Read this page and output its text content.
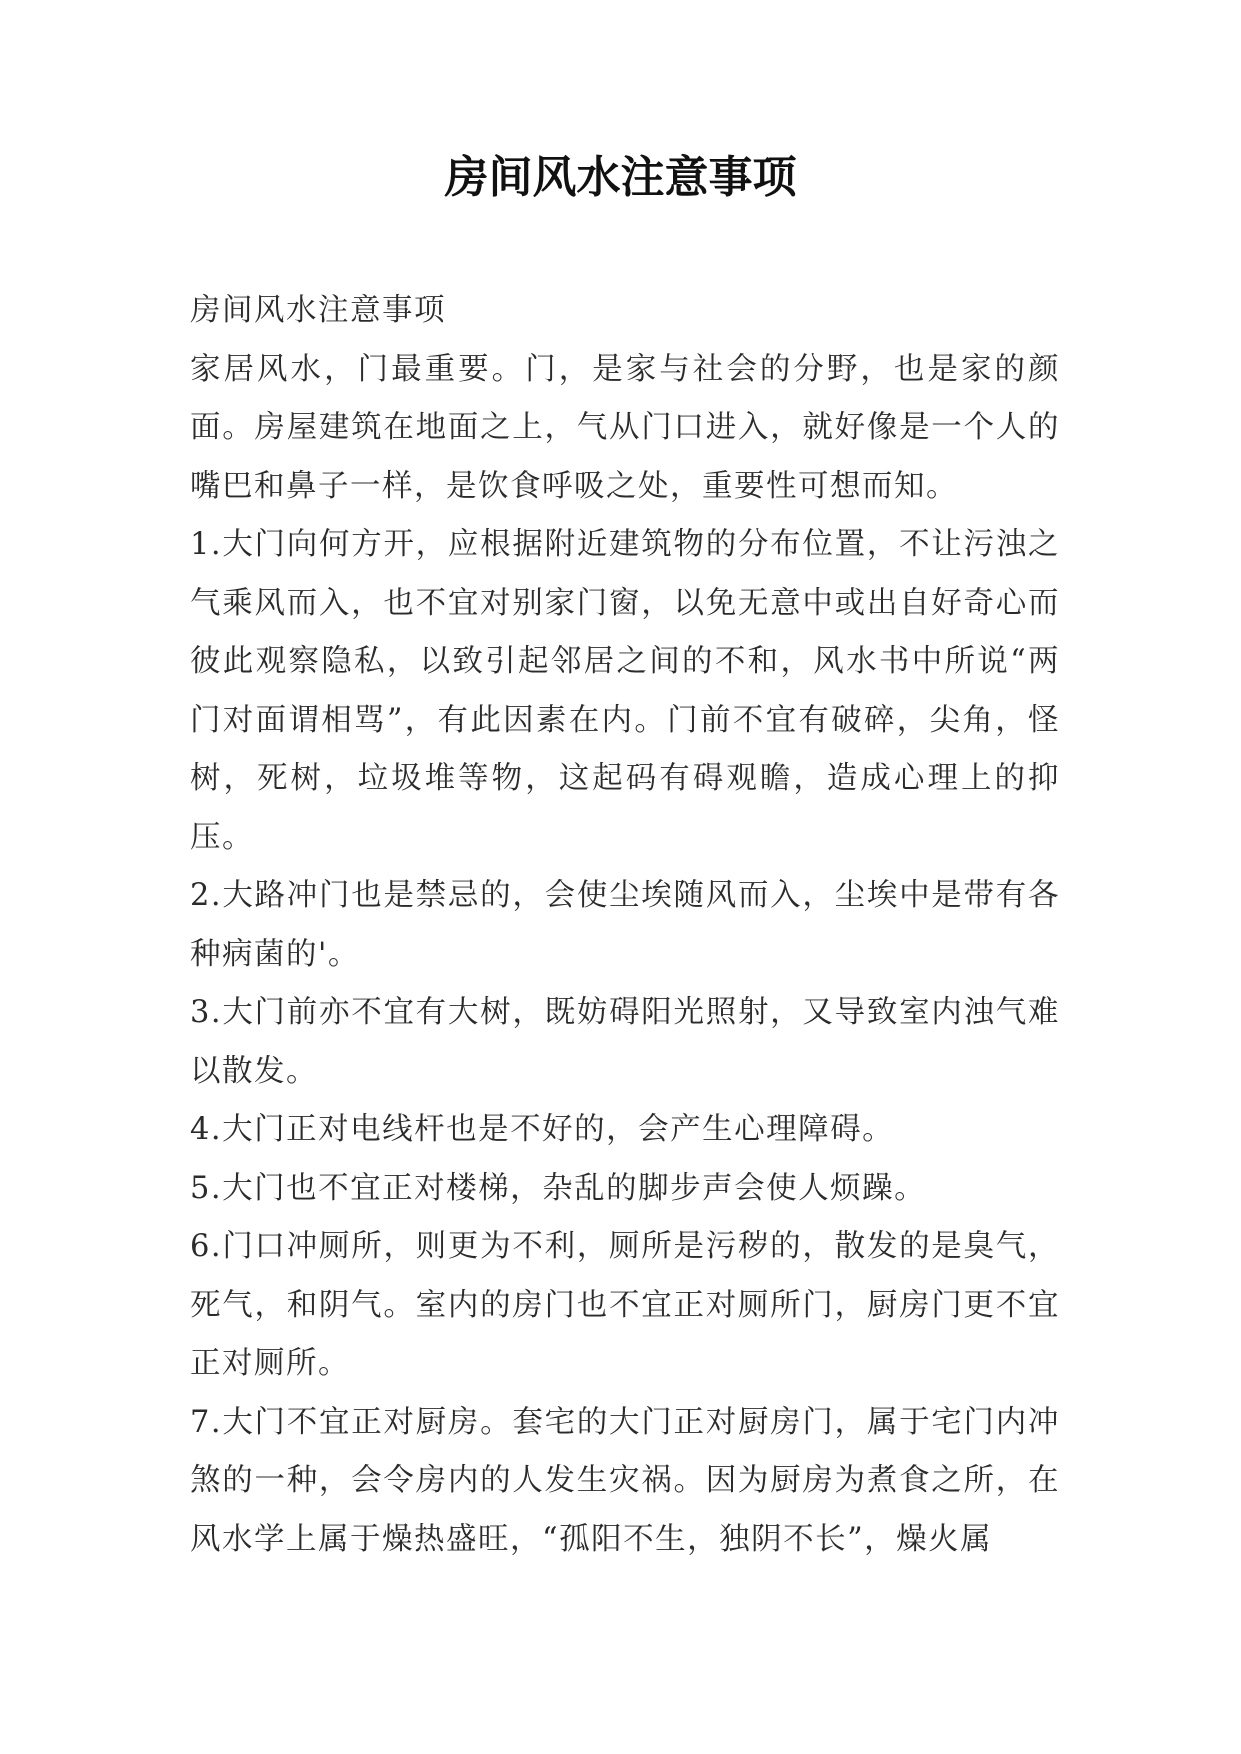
房间风水注意事项

房间风水注意事项

家居风水，门最重要。门，是家与社会的分野，也是家的颜面。房屋建筑在地面之上，气从门口进入，就好像是一个人的嘴巴和鼻子一样，是饮食呼吸之处，重要性可想而知。

1.大门向何方开，应根据附近建筑物的分布位置，不让污浊之气乘风而入，也不宜对别家门窗，以免无意中或出自好奇心而彼此观察隐私，以致引起邻居之间的不和，风水书中所说“两门对面谓相骂”，有此因素在内。门前不宜有破碎，尖角，怪树，死树，垃圾堆等物，这起码有碍观瞻，造成心理上的抑压。

2.大路冲门也是禁忌的，会使尘埃随风而入，尘埃中是带有各种病菌的'。

3.大门前亦不宜有大树，既妨碍阳光照射，又导致室内浊气难以散发。

4.大门正对电线杆也是不好的，会产生心理障碍。

5.大门也不宜正对楼梯，杂乱的脚步声会使人烦躁。

6.门口冲厕所，则更为不利，厕所是污秽的，散发的是臭气，死气，和阴气。室内的房门也不宜正对厕所门，厨房门更不宜正对厕所。

7.大门不宜正对厨房。套宅的大门正对厨房门，属于宅门内冲煞的一种，会令房内的人发生灾祸。因为厨房为煮食之所，在风水学上属于燥热盛旺，“孤阳不生，独阴不长”，燥火属
